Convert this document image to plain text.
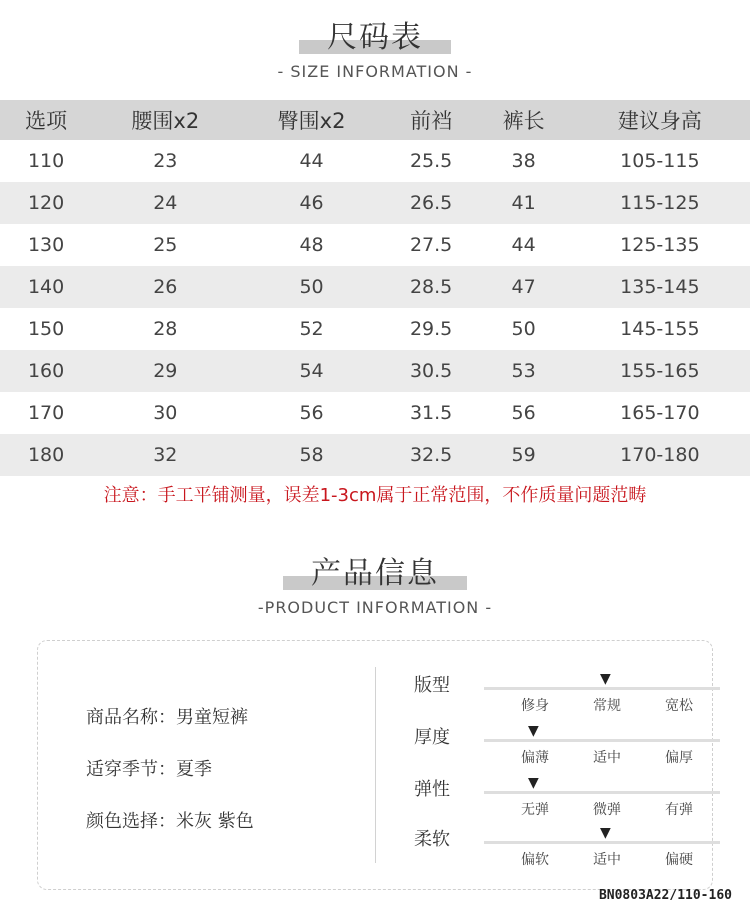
尺码表
- SIZE INFORMATION -
选项	腰围x2	臀围x2	前裆	裤长	建议身高
110	23	44	25.5	38	105-115
120	24	46	26.5	41	115-125
130	25	48	27.5	44	125-135
140	26	50	28.5	47	135-145
150	28	52	29.5	50	145-155
160	29	54	30.5	53	155-165
170	30	56	31.5	56	165-170
180	32	58	32.5	59	170-180
注意：手工平铺测量，误差1-3cm属于正常范围，不作质量问题范畴
产品信息
-PRODUCT INFORMATION -
商品名称：男童短裤
适穿季节：夏季
颜色选择：米灰 紫色
版型	▼
修身	常规	宽松
厚度	▼
偏薄	适中	偏厚
弹性	▼
无弹	微弹	有弹
柔软	▼
偏软	适中	偏硬
BN0803A22/110-160
